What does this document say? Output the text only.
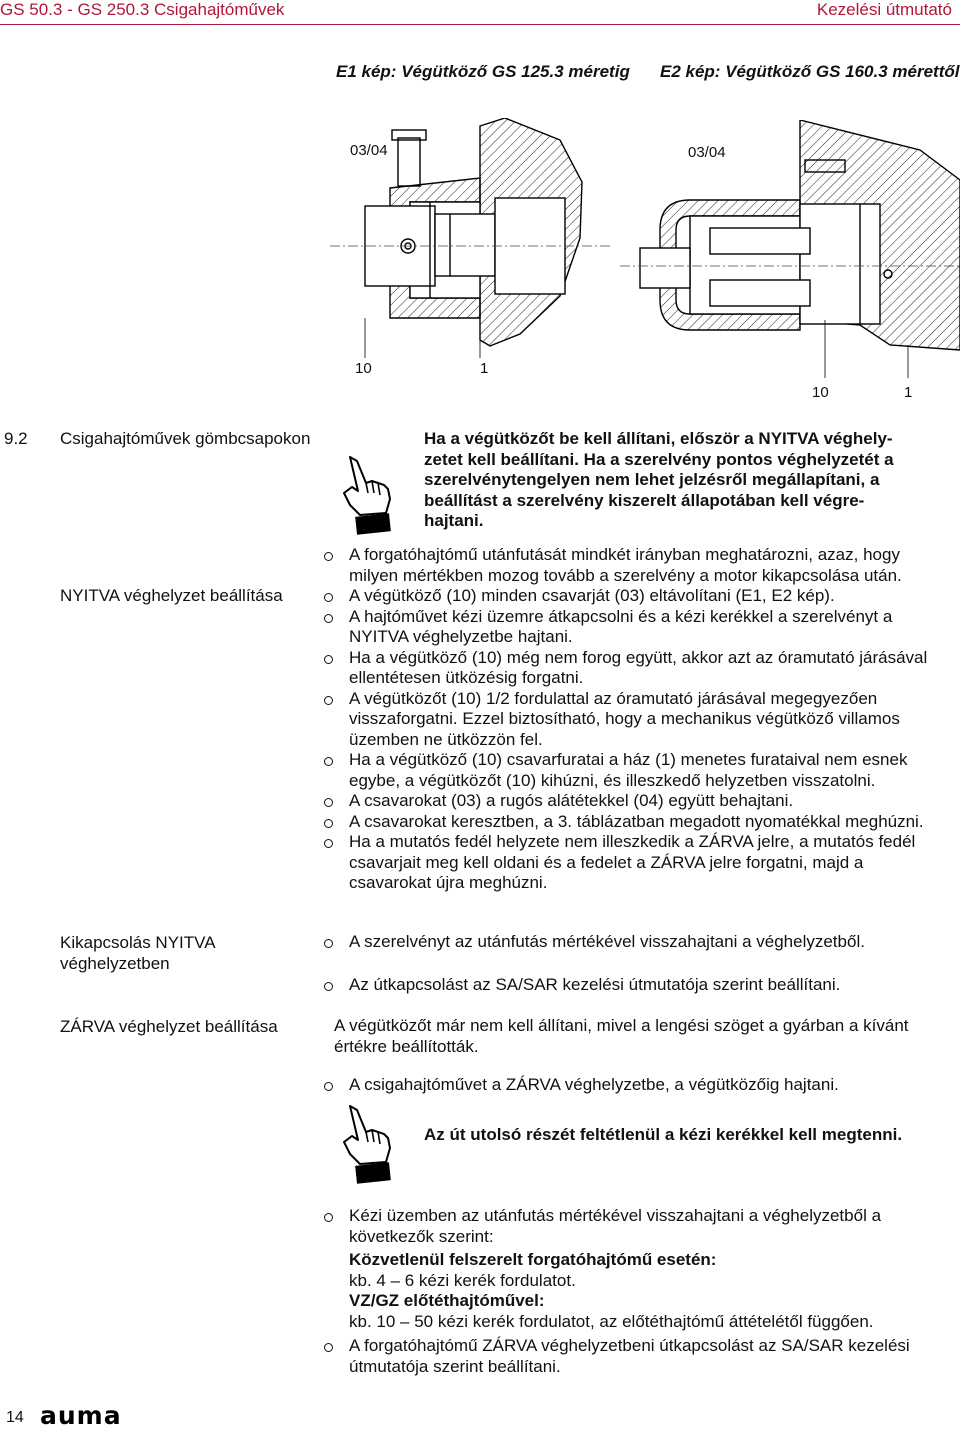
GS 50.3 - GS 250.3 Csigahajtóművek	Kezelési útmutató
E1 kép: Végütköző GS 125.3 méretig E2 kép: Végütköző GS 160.3 mérettől
03/04
10	1
03/04
10	1
9.2 Csigahajtóművek gömbcsapokon	Ha a végütközőt be kell állítani, először a NYITVA véghely-
zetet kell beállítani. Ha a szerelvény pontos véghelyzetét a
szerelvénytengelyen nem lehet jelzésről megállapítani, a
beállítást a szerelvény kiszerelt állapotában kell végre-
hajtani.
NYITVA véghelyzet beállítása
Kikapcsolás NYITVA
véghelyzetben
ZÁRVA véghelyzet beállítása
A forgatóhajtómű utánfutását mindkét irányban meghatározni, azaz, hogy milyen mértékben mozog tovább a szerelvény a motor kikapcsolása után.
A végütköző (10) minden csavarját (03) eltávolítani (E1, E2 kép).
A hajtóművet kézi üzemre átkapcsolni és a kézi kerékkel a szerelvényt a NYITVA véghelyzetbe hajtani.
Ha a végütköző (10) még nem forog együtt, akkor azt az óramutató járásával ellentétesen ütközésig forgatni.
A végütközőt (10) 1/2 fordulattal az óramutató járásával megegyezően visszaforgatni. Ezzel biztosítható, hogy a mechanikus végütköző villamos üzemben ne ütközzön fel.
Ha a végütköző (10) csavarfuratai a ház (1) menetes furataival nem esnek egybe, a végütközőt (10) kihúzni, és illeszkedő helyzetben visszatolni.
A csavarokat (03) a rugós alátétekkel (04) együtt behajtani.
A csavarokat keresztben, a 3. táblázatban megadott nyomatékkal meghúzni.
Ha a mutatós fedél helyzete nem illeszkedik a ZÁRVA jelre, a mutatós fedél csavarjait meg kell oldani és a fedelet a ZÁRVA jelre forgatni, majd a csavarokat újra meghúzni.
A szerelvényt az utánfutás mértékével visszahajtani a véghelyzetből.
Az útkapcsolást az SA/SAR kezelési útmutatója szerint beállítani.
A végütközőt már nem kell állítani, mivel a lengési szöget a gyárban a kívánt értékre beállították.
A csigahajtóművet a ZÁRVA véghelyzetbe, a végütközőig hajtani.
Az út utolsó részét feltétlenül a kézi kerékkel kell megtenni.
Kézi üzemben az utánfutás mértékével visszahajtani a véghelyzetből a következők szerint:

Közvetlenül felszerelt forgatóhajtómű esetén:

kb. 4 – 6 kézi kerék fordulatot.

VZ/GZ előtéthajtóművel:

kb. 10 – 50 kézi kerék fordulatot, az előtéthajtómű áttételétől függően.

A forgatóhajtómű ZÁRVA véghelyzetbeni útkapcsolást az SA/SAR kezelési útmutatója szerint beállítani.
14 auma
